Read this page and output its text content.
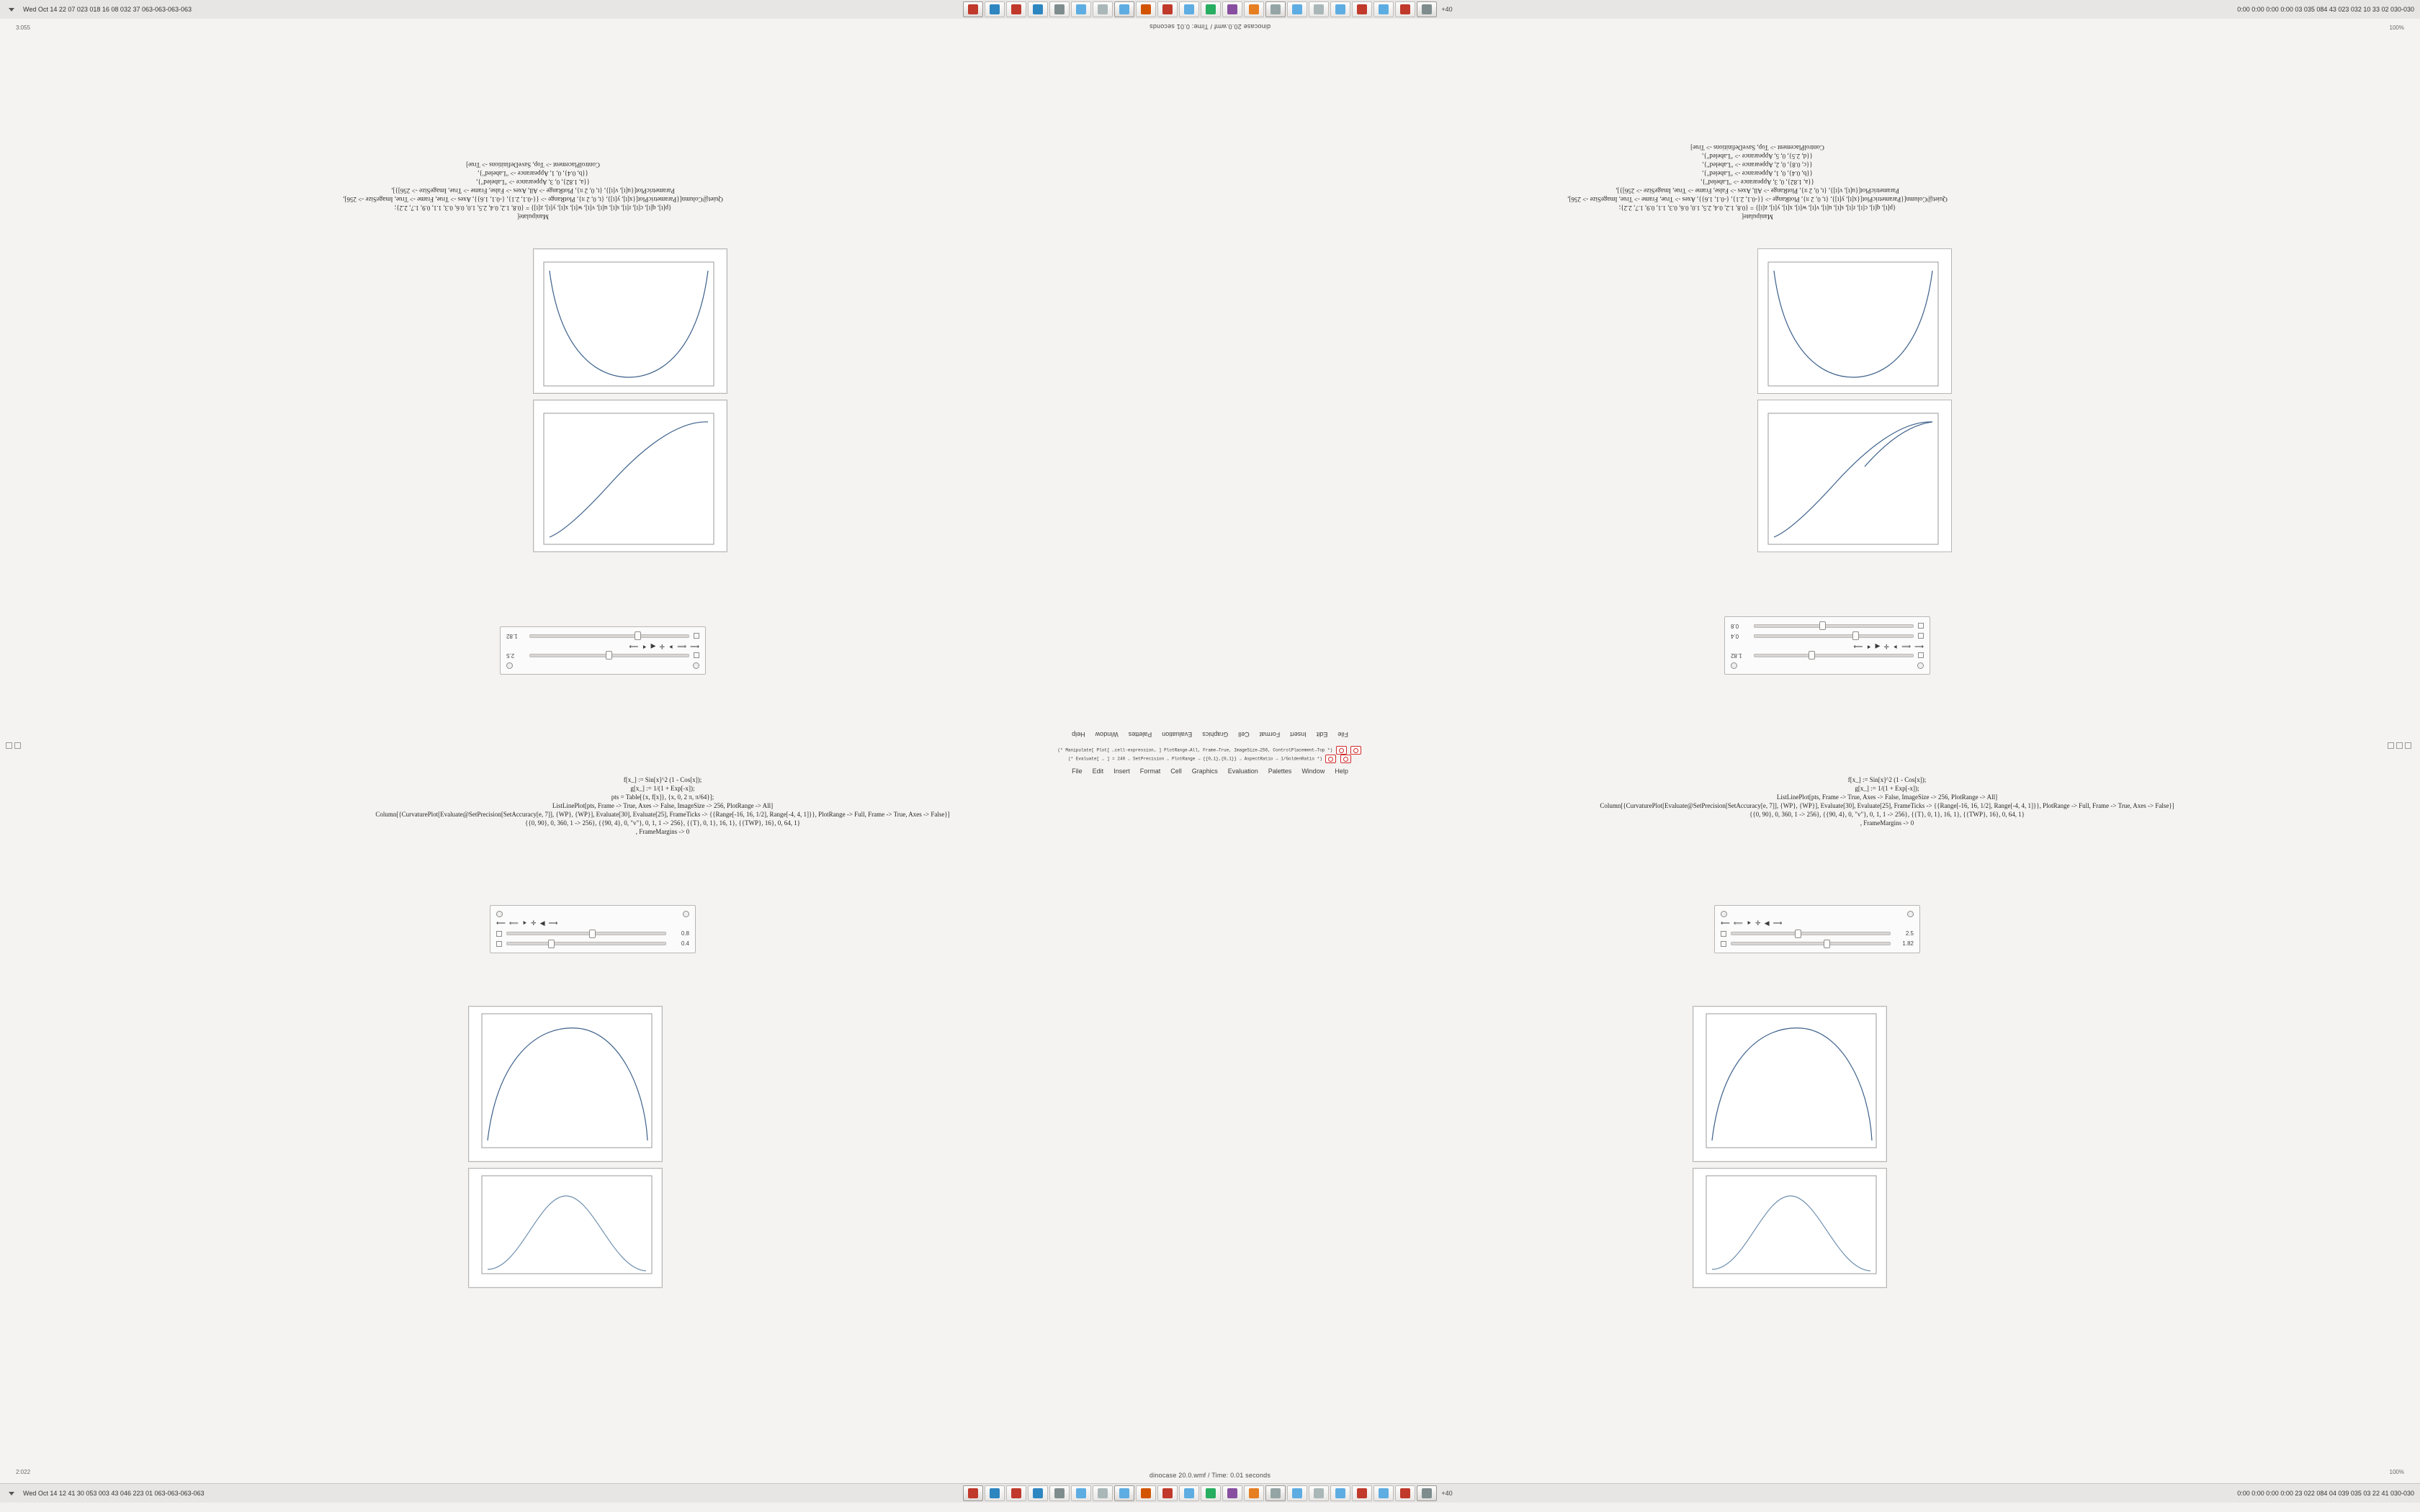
Wed Oct 14 22 07 023 018 16 08 032 37 063-063-063-063	+40	0:00 0:00 0:00 0:00 03 035 084 43 023 032 10 33 02 030-030
dinocase 20.0.wmf / Time: 0.01 seconds
3:055	100%
1.82
⟵
⟸
⯈
✛
◀
⯇
⟶
0.4
0.8
Manipulate[
{p[t], q[t], c[t], r[t], s[t], u[t], v[t], w[t], x[t], y[t], z[t]} = {0.8, 1.2, 0.4, 2.5, 1.0, 0.6, 0.3, 1.1, 0.9, 1.7, 2.2};
Quiet@Column[{ParametricPlot[{x[t], y[t]}, {t, 0, 2 π}, PlotRange -> {{-0.1, 2.1}, {-0.1, 1.6}}, Axes -> True, Frame -> True, ImageSize -> 256],
ParametricPlot[{u[t], v[t]}, {t, 0, 2 π}, PlotRange -> All, Axes -> False, Frame -> True, ImageSize -> 256]}],
{{a, 1.82}, 0, 3, Appearance -> "Labeled"},
{{b, 0.4}, 0, 1, Appearance -> "Labeled"},
{{c, 0.8}, 0, 2, Appearance -> "Labeled"},
{{d, 2.5}, 0, 5, Appearance -> "Labeled"},
ControlPlacement -> Top, SaveDefinitions -> True]
2.5
⟵
⟸
⯈
✛
◀
⯇
⟶
1.82
Manipulate[
{p[t], q[t], c[t], r[t], s[t], u[t], v[t], w[t], x[t], y[t], z[t]} = {0.8, 1.2, 0.4, 2.5, 1.0, 0.6, 0.3, 1.1, 0.9, 1.7, 2.2};
Quiet@Column[{ParametricPlot[{x[t], y[t]}, {t, 0, 2 π}, PlotRange -> {{-0.1, 2.1}, {-0.1, 1.6}}, Axes -> True, Frame -> True, ImageSize -> 256],
ParametricPlot[{u[t], v[t]}, {t, 0, 2 π}, PlotRange -> All, Axes -> False, Frame -> True, ImageSize -> 256]}],
{{a, 1.82}, 0, 3, Appearance -> "Labeled"},
{{b, 0.4}, 0, 1, Appearance -> "Labeled"},
ControlPlacement -> Top, SaveDefinitions -> True]
File
Edit
Insert
Format
Cell
Graphics
Evaluation
Palettes
Window
Help
(* Manipulate[ Plot[ …cell-expression… ] PlotRange→All, Frame→True, ImageSize→256, ControlPlacement→Top *)
(* Evaluate[ … ] = 240 … SetPrecision … PlotRange → {{0,1},{0,1}} … AspectRatio → 1/GoldenRatio *)
File Edit Insert Format Cell Graphics Evaluation Palettes Window Help
f[x_] := Sin[x]^2 (1 - Cos[x]);
g[x_] := 1/(1 + Exp[-x]);
pts = Table[{x, f[x]}, {x, 0, 2 π, π/64}];
ListLinePlot[pts, Frame -> True, Axes -> False, ImageSize -> 256, PlotRange -> All]
Column[{CurvaturePlot[Evaluate@SetPrecision[SetAccuracy[e, 7]], {WP}, {WP}], Evaluate[30], Evaluate[25], FrameTicks -> {{Range[-16, 16, 1/2], Range[-4, 4, 1]}}, PlotRange -> Full, Frame -> True, Axes -> False}]
{{0, 90}, 0, 360, 1 -> 256}, {{90, 4}, 0, "v"}, 0, 1, 1 -> 256}, {{T}, 0, 1}, 16, 1}, {{TWP}, 16}, 0, 64, 1}
, FrameMargins -> 0
⟵ ⟸ ⯈ ✛ ◀ ⟶
0.8
0.4
f[x_] := Sin[x]^2 (1 - Cos[x]);
g[x_] := 1/(1 + Exp[-x]);
ListLinePlot[pts, Frame -> True, Axes -> False, ImageSize -> 256, PlotRange -> All]
Column[{CurvaturePlot[Evaluate@SetPrecision[SetAccuracy[e, 7]], {WP}, {WP}], Evaluate[30], Evaluate[25], FrameTicks -> {{Range[-16, 16, 1/2], Range[-4, 4, 1]}}, PlotRange -> Full, Frame -> True, Axes -> False}]
{{0, 90}, 0, 360, 1 -> 256}, {{90, 4}, 0, "v"}, 0, 1, 1 -> 256}, {{T}, 0, 1}, 16, 1}, {{TWP}, 16}, 0, 64, 1}
, FrameMargins -> 0
⟵ ⟸ ⯈ ✛ ◀ ⟶
2.5
1.82
dinocase 20.0.wmf / Time: 0.01 seconds
2:022	100%
Wed Oct 14 12 41 30 053 003 43 046 223 01 063-063-063-063	+40	0:00 0:00 0:00 0:00 23 022 084 04 039 035 03 22 41 030-030
